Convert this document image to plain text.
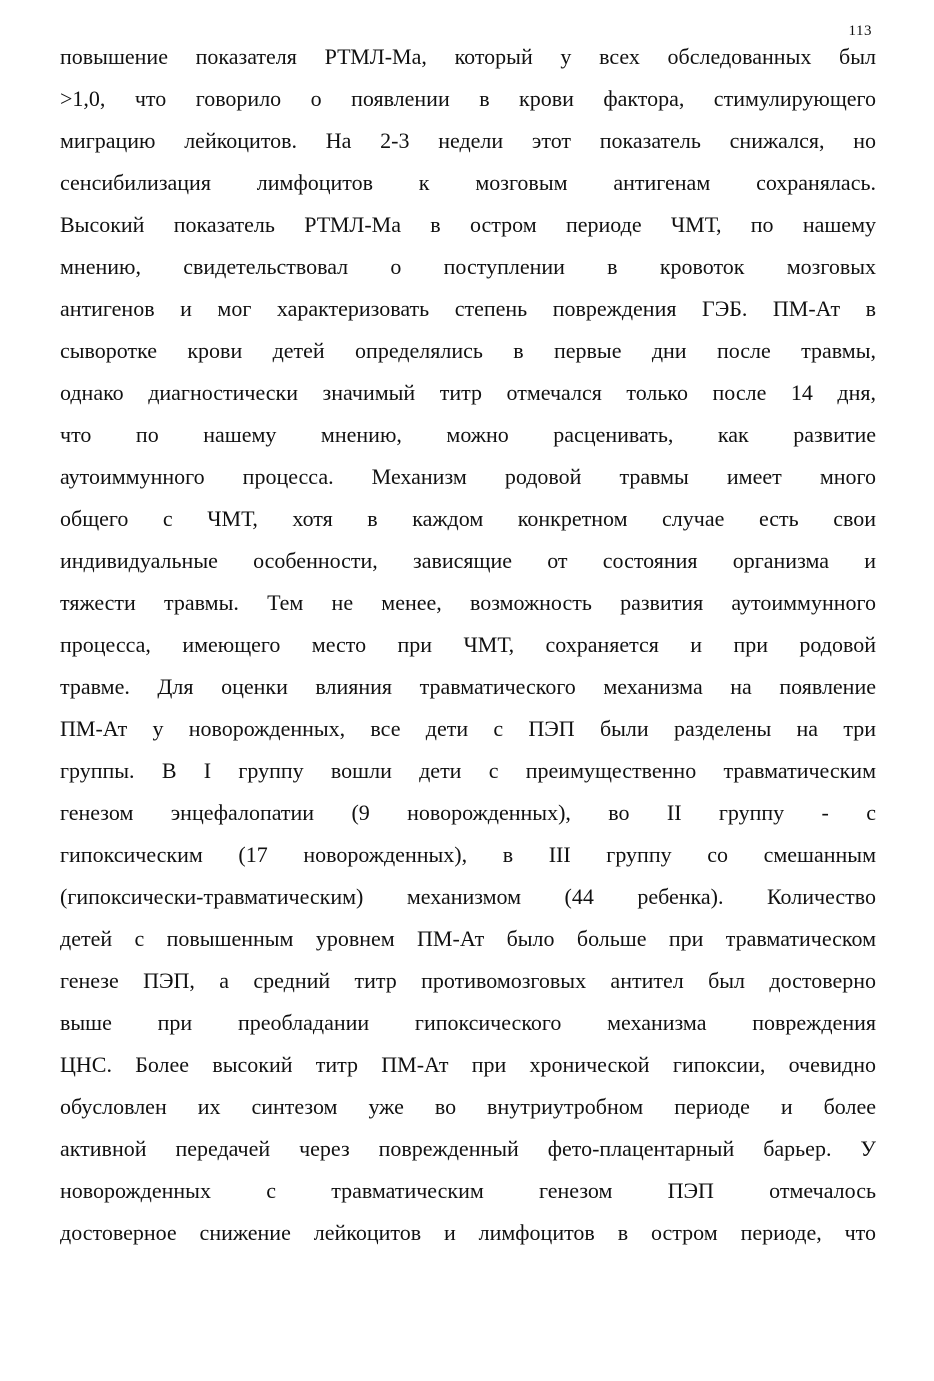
113
повышение показателя РТМЛ-Ма, который у всех обследованных был
>1,0, что говорило о появлении в крови фактора, стимулирующего
миграцию лейкоцитов. На 2-3 недели этот показатель снижался, но
сенсибилизация лимфоцитов к мозговым антигенам сохранялась.
Высокий показатель РТМЛ-Ма в остром периоде ЧМТ, по нашему
мнению, свидетельствовал о поступлении в кровоток мозговых
антигенов и мог характеризовать степень повреждения ГЭБ. ПМ-Ат в
сыворотке крови детей определялись в первые дни после травмы,
однако диагностически значимый титр отмечался только после 14 дня,
что по нашему мнению, можно расценивать, как развитие
аутоиммунного процесса. Механизм родовой травмы имеет много
общего с ЧМТ, хотя в каждом конкретном случае есть свои
индивидуальные особенности, зависящие от состояния организма и
тяжести травмы. Тем не менее, возможность развития аутоиммунного
процесса, имеющего место при ЧМТ, сохраняется и при родовой
травме. Для оценки влияния травматического механизма на появление
ПМ-Ат у новорожденных, все дети с ПЭП были разделены на три
группы. В I группу вошли дети с преимущественно травматическим
генезом энцефалопатии (9 новорожденных), во II группу - с
гипоксическим (17 новорожденных), в III группу со смешанным
(гипоксически-травматическим) механизмом (44 ребенка). Количество
детей с повышенным уровнем ПМ-Ат было больше при травматическом
генезе ПЭП, а средний титр противомозговых антител был достоверно
выше при преобладании гипоксического механизма повреждения
ЦНС. Более высокий титр ПМ-Ат при хронической гипоксии, очевидно
обусловлен их синтезом уже во внутриутробном периоде и более
активной передачей через поврежденный фето-плацентарный барьер. У
новорожденных с травматическим генезом ПЭП отмечалось
достоверное снижение лейкоцитов и лимфоцитов в остром периоде, что
